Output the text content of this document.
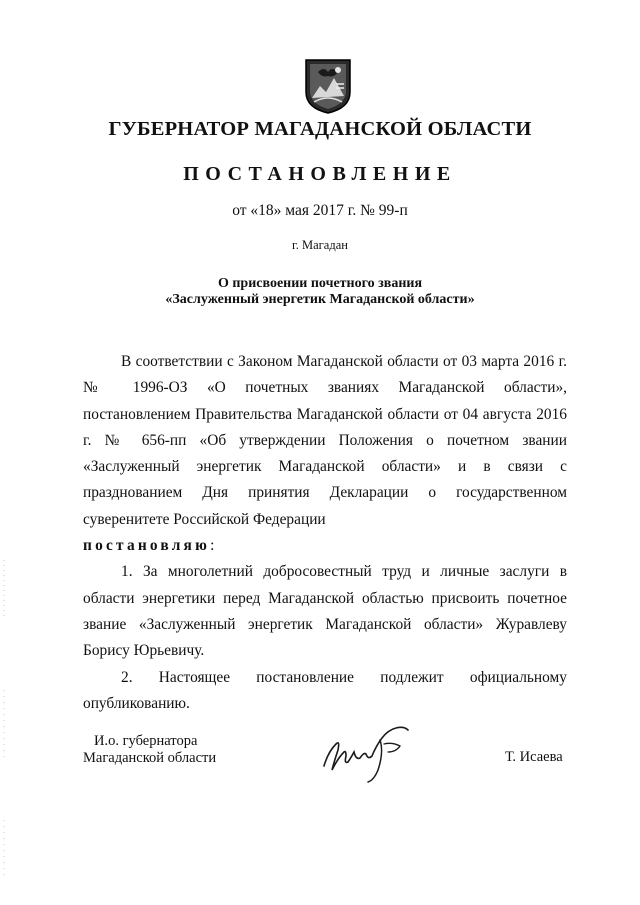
ГУБЕРНАТОР МАГАДАНСКОЙ ОБЛАСТИ
ПОСТАНОВЛЕНИЕ
от «18» мая 2017 г. № 99-п
г. Магадан
О присвоении почетного звания
«Заслуженный энергетик Магаданской области»

В соответствии с Законом Магаданской области от 03 марта 2016 г. № 1996-ОЗ «О почетных званиях Магаданской области», постановлением Правительства Магаданской области от 04 августа 2016 г. № 656-пп «Об утверждении Положения о почетном звании «Заслуженный энергетик Магаданской области» и в связи с празднованием Дня принятия Декларации о государственном суверенитете Российской Федерации

постановляю:

1. За многолетний добросовестный труд и личные заслуги в области энергетики перед Магаданской областью присвоить почетное звание «Заслуженный энергетик Магаданской области» Журавлеву Борису Юрьевичу.

2. Настоящее постановление подлежит официальному опубликованию.

И.о. губернатора
Магаданской области	Т. Исаева
